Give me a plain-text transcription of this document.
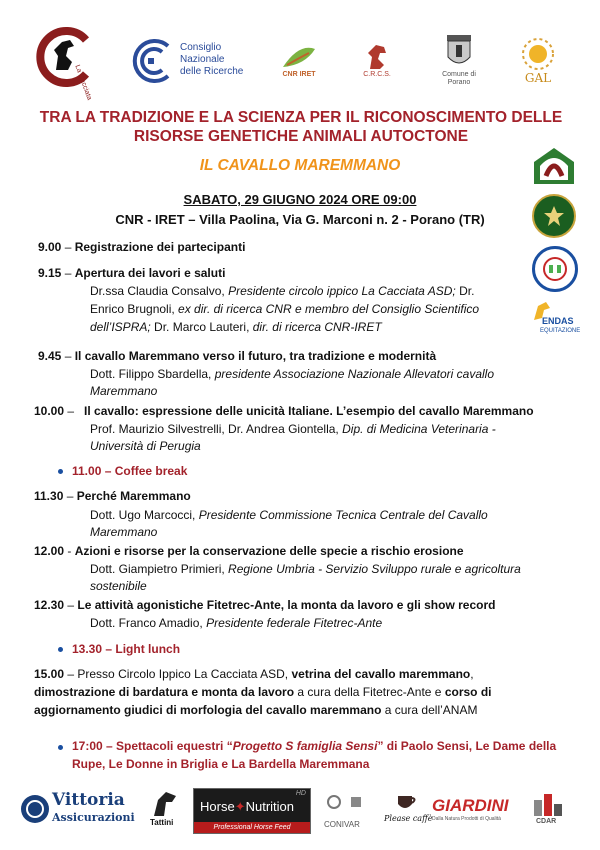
La Cacciata
Consiglio
Nazionale
delle Ricerche	CNR IRET	C.R.C.S.	Comune di Porano	GAL
TRA LA TRADIZIONE E LA SCIENZA PER IL RICONOSCIMENTO DELLE
RISORSE GENETICHE ANIMALI AUTOCTONE
IL CAVALLO MAREMMANO
SABATO, 29 GIUGNO 2024 ORE 09:00
CNR - IRET – Villa Paolina, Via G. Marconi n. 2 - Porano (TR)
ENDAS
EQUITAZIONE
9.00 – Registrazione dei partecipanti
9.15 – Apertura dei lavori e saluti
Dr.ssa Claudia Consalvo, Presidente circolo ippico La Cacciata ASD; Dr.
Enrico Brugnoli, ex dir. di ricerca CNR e membro del Consiglio Scientifico
dell’ISPRA; Dr. Marco Lauteri, dir. di ricerca CNR-IRET
9.45 – Il cavallo Maremmano verso il futuro, tra tradizione e modernità
Dott. Filippo Sbardella, presidente Associazione Nazionale Allevatori cavallo
Maremmano
10.00 –   Il cavallo: espressione delle unicità Italiane. L’esempio del cavallo Maremmano
Prof. Maurizio Silvestrelli, Dr. Andrea Giontella, Dip. di Medicina Veterinaria -
Università di Perugia
11.00 – Coffee break
11.30 – Perché Maremmano
Dott. Ugo Marcocci, Presidente Commissione Tecnica Centrale del Cavallo
Maremmano
12.00 - Azioni e risorse per la conservazione delle specie a rischio erosione
Dott. Giampietro Primieri, Regione Umbria - Servizio Sviluppo rurale e agricoltura
sostenibile
12.30 – Le attività agonistiche Fitetrec-Ante, la monta da lavoro e gli show record
Dott. Franco Amadio, Presidente federale Fitetrec-Ante
13.30 – Light lunch
15.00 – Presso Circolo Ippico La Cacciata ASD, vetrina del cavallo maremmano,
dimostrazione di bardatura e monta da lavoro a cura della Fitetrec-Ante e corso di
aggiornamento giudici di morfologia del cavallo maremmano a cura dell’ANAM
17:00 – Spettacoli equestri “Progetto S famiglia Sensi” di Paolo Sensi, Le Dame della
Rupe, Le Donne in Briglia e La Bardella Maremmana
Vittoria
Assicurazioni Tattini
HD
Horse✦Nutrition
Professional Horse Feed	CONIVAR
Please caffè
GIARDINI
Dalla Natura Prodotti di Qualità	CDAR
